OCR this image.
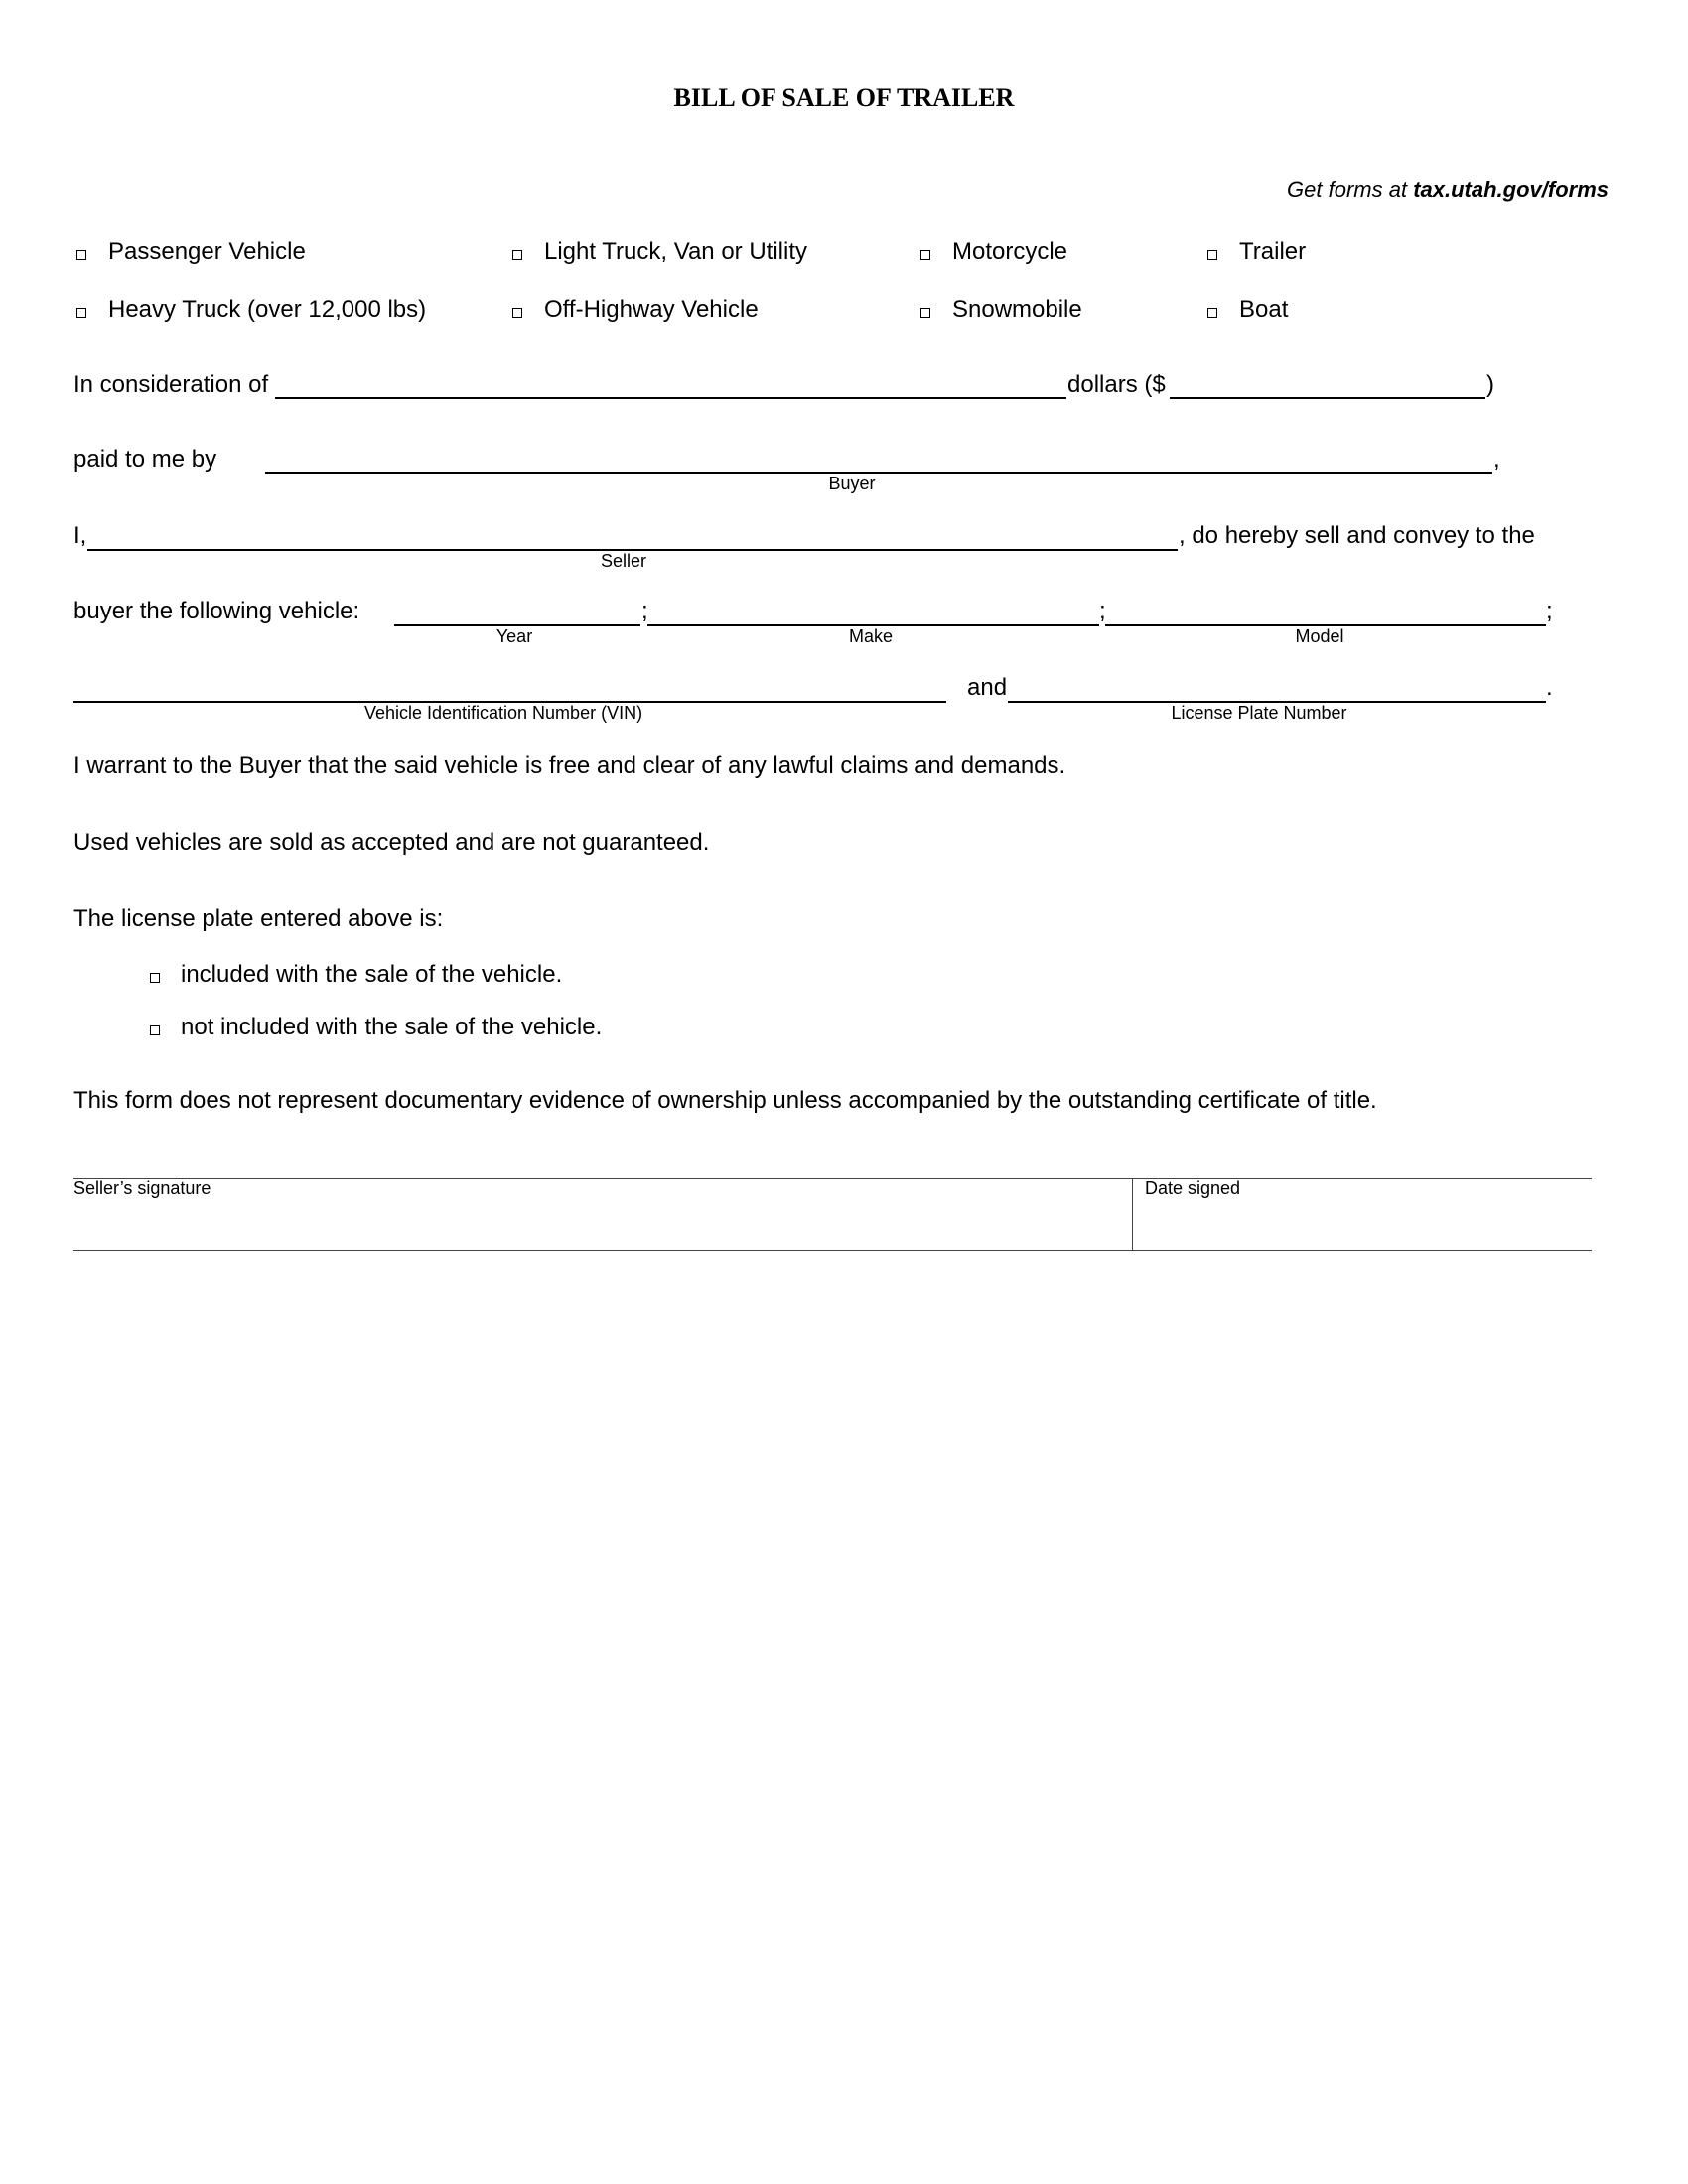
BILL OF SALE OF TRAILER
Get forms at tax.utah.gov/forms
Passenger Vehicle	Light Truck, Van or Utility	Motorcycle	Trailer
Heavy Truck (over 12,000 lbs)	Off-Highway Vehicle	Snowmobile	Boat
In consideration of	dollars ($	)
paid to me by	,
Buyer
I,	, do hereby sell and convey to the
Seller
buyer the following vehicle:	;	;	;
Year	Make	Model
and	.
Vehicle Identification Number (VIN)	License Plate Number
I warrant to the Buyer that the said vehicle is free and clear of any lawful claims and demands.
Used vehicles are sold as accepted and are not guaranteed.
The license plate entered above is:
included with the sale of the vehicle.
not included with the sale of the vehicle.
This form does not represent documentary evidence of ownership unless accompanied by the outstanding certificate of title.
Seller’s signature	Date signed
